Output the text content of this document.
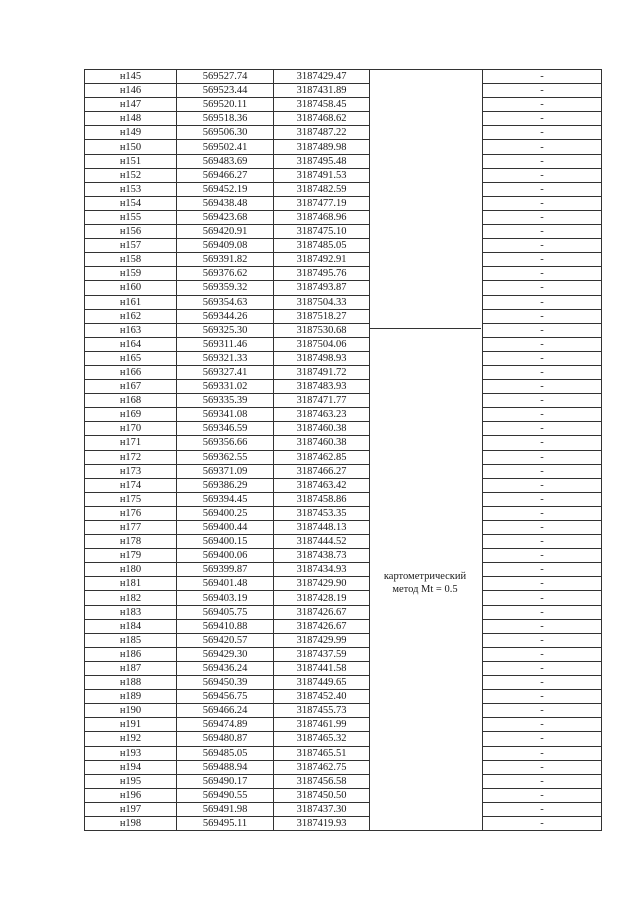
н145	569527.74	3187429.47		-
н146	569523.44	3187431.89		-
н147	569520.11	3187458.45		-
н148	569518.36	3187468.62		-
н149	569506.30	3187487.22		-
н150	569502.41	3187489.98		-
н151	569483.69	3187495.48		-
н152	569466.27	3187491.53		-
н153	569452.19	3187482.59		-
н154	569438.48	3187477.19		-
н155	569423.68	3187468.96		-
н156	569420.91	3187475.10		-
н157	569409.08	3187485.05		-
н158	569391.82	3187492.91		-
н159	569376.62	3187495.76		-
н160	569359.32	3187493.87		-
н161	569354.63	3187504.33		-
н162	569344.26	3187518.27		-
н163	569325.30	3187530.68		-
н164	569311.46	3187504.06		-
н165	569321.33	3187498.93		-
н166	569327.41	3187491.72		-
н167	569331.02	3187483.93		-
н168	569335.39	3187471.77		-
н169	569341.08	3187463.23		-
н170	569346.59	3187460.38		-
н171	569356.66	3187460.38		-
н172	569362.55	3187462.85		-
н173	569371.09	3187466.27		-
н174	569386.29	3187463.42		-
н175	569394.45	3187458.86		-
н176	569400.25	3187453.35		-
н177	569400.44	3187448.13		-
н178	569400.15	3187444.52		-
н179	569400.06	3187438.73		-
н180	569399.87	3187434.93		-
н181	569401.48	3187429.90		-
н182	569403.19	3187428.19		-
н183	569405.75	3187426.67		-
н184	569410.88	3187426.67		-
н185	569420.57	3187429.99		-
н186	569429.30	3187437.59		-
н187	569436.24	3187441.58		-
н188	569450.39	3187449.65		-
н189	569456.75	3187452.40		-
н190	569466.24	3187455.73		-
н191	569474.89	3187461.99		-
н192	569480.87	3187465.32		-
н193	569485.05	3187465.51		-
н194	569488.94	3187462.75		-
н195	569490.17	3187456.58		-
н196	569490.55	3187450.50		-
н197	569491.98	3187437.30		-
н198	569495.11	3187419.93		-
картометрический
метод Mt = 0.5
